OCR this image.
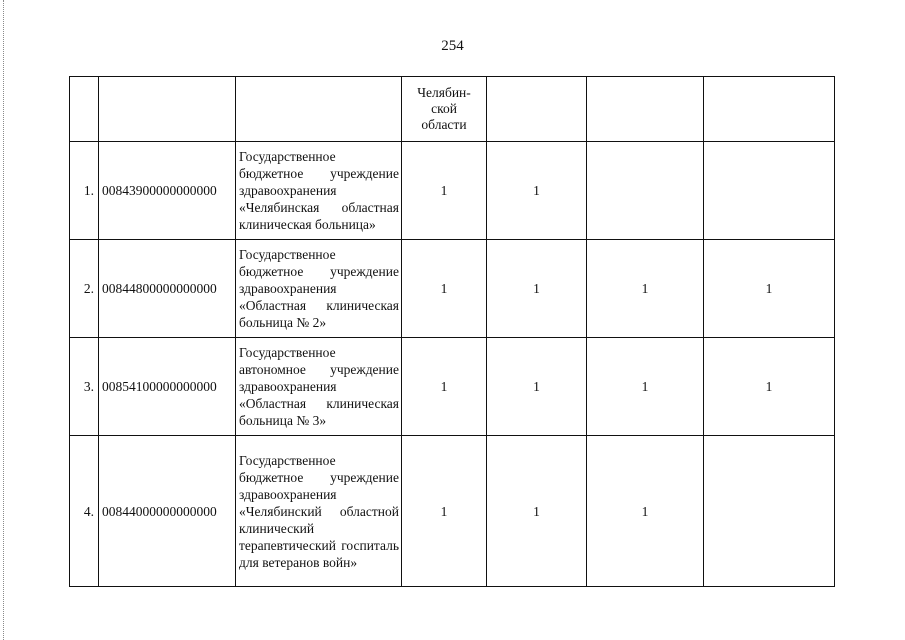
254
			Челябин-
ской
области			
1.	00843900000000000	Государственное бюджетное учреждение здравоохранения «Челябинская областная клиническая больница»	1	1		
2.	00844800000000000	Государственное бюджетное учреждение здравоохранения «Областная клиническая больница № 2»	1	1	1	1
3.	00854100000000000	Государственное автономное учреждение здравоохранения «Областная клиническая больница № 3»	1	1	1	1
4.	00844000000000000	Государственное бюджетное учреждение здравоохранения «Челябинский областной клинический терапевтический госпиталь для ветеранов войн»	1	1	1	
